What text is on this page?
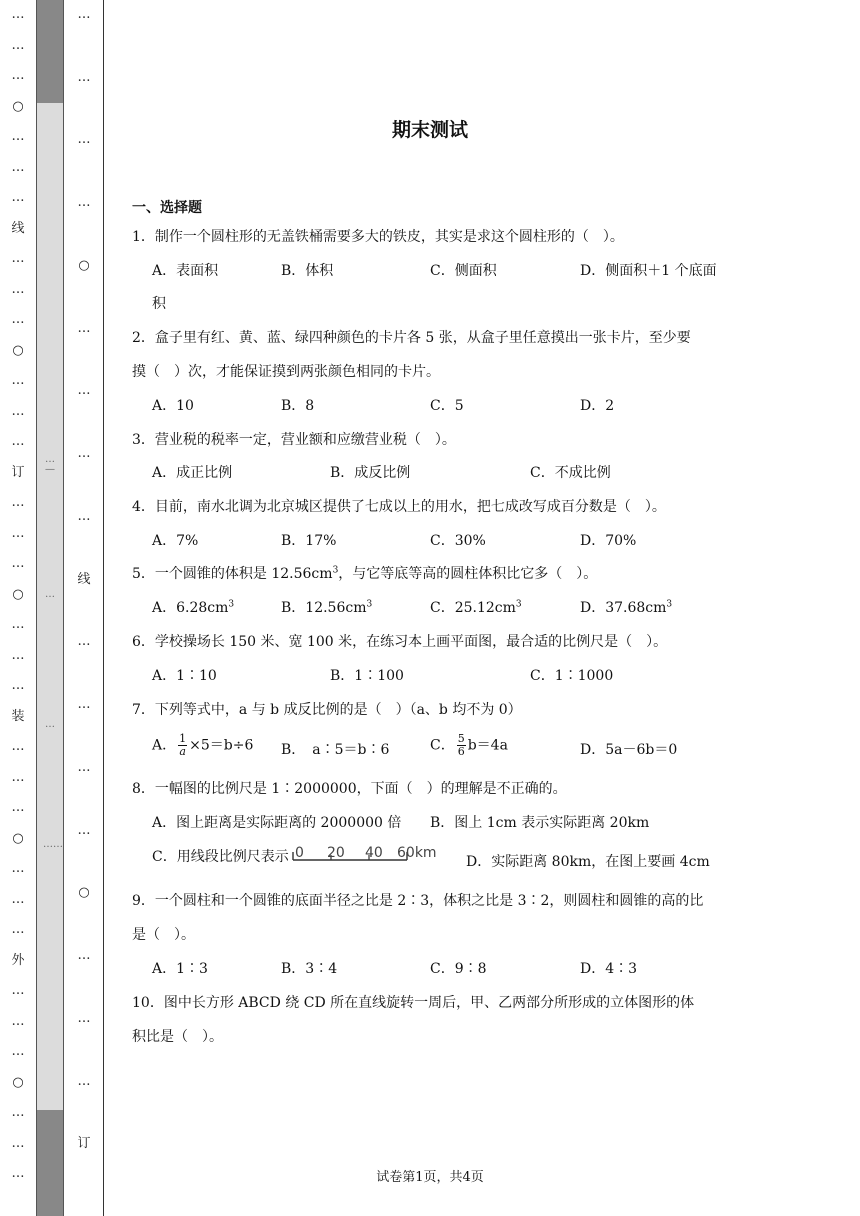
…
…
…
○
…
…
…
线
…
…
…
○
…
…
…
订
…
…
…
○
…
…
…
装
…
…
…
○
…
…
…
外
…
…
…
○
…
…
…
…—
…
…
……
…
…
…
…
○
…
…
…
…
线
…
…
…
…
○
…
…
…
订
期末测试
一、选择题
1．制作一个圆柱形的无盖铁桶需要多大的铁皮，其实是求这个圆柱形的（　）。
A．表面积	B．体积	C．侧面积	D．侧面积＋1 个底面
积
2．盒子里有红、黄、蓝、绿四种颜色的卡片各 5 张，从盒子里任意摸出一张卡片，至少要
摸（　）次，才能保证摸到两张颜色相同的卡片。
A．10	B．8	C．5	D．2
3．营业税的税率一定，营业额和应缴营业税（　）。
A．成正比例	B．成反比例	C．不成比例
4．目前，南水北调为北京城区提供了七成以上的用水，把七成改写成百分数是（　）。
A．7%	B．17%	C．30%	D．70%
5．一个圆锥的体积是 $12.56cm^3$，与它等底等高的圆柱体积比它多（　）。
A．$6.28cm^3$	B．$12.56cm^3$	C．$25.12cm^3$	D．$37.68cm^3$
6．学校操场长 150 米、宽 100 米，在练习本上画平面图，最合适的比例尺是（　）。
A．1∶10	B．1∶100	C．1∶1000
7．下列等式中，a 与 b 成反比例的是（　）（a、b 均不为 0）
A． $\frac{1}{a} \times 5=b\div 6$ B．　a∶5＝b∶6	C． $\frac{5}{6} b=4a$	D．5a－6b＝0
8．一幅图的比例尺是 1∶2000000，下面（　）的理解是不正确的。
A．图上距离是实际距离的 2000000 倍 B．图上 1cm 表示实际距离 20km
C．用线段比例尺表示 0 20 40 60km
D．实际距离 80km，在图上要画 4cm
9．一个圆柱和一个圆锥的底面半径之比是 2∶3，体积之比是 3∶2，则圆柱和圆锥的高的比
是（　）。
A．1∶3	B．3∶4	C．9∶8	D．4∶3
10．图中长方形 ABCD 绕 CD 所在直线旋转一周后，甲、乙两部分所形成的立体图形的体
积比是（　）。
试卷第1页，共4页
